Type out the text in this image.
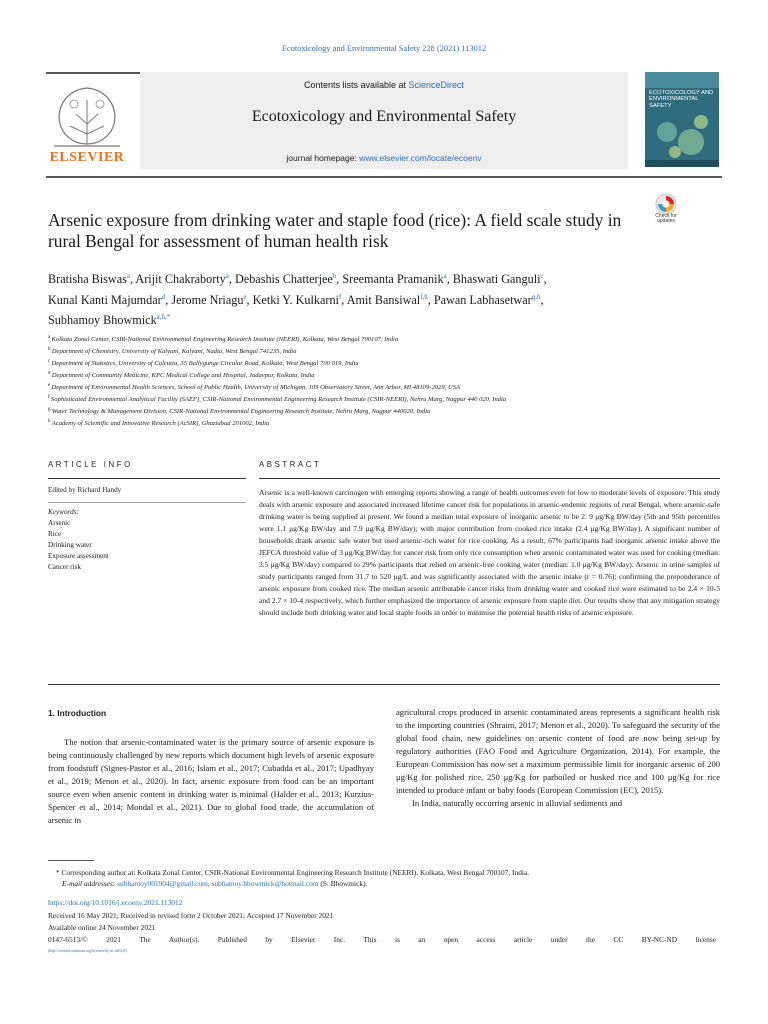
Ecotoxicology and Environmental Safety 228 (2021) 113012
ELSEVIER
Contents lists available at ScienceDirect
Ecotoxicology and Environmental Safety
journal homepage: www.elsevier.com/locate/ecoenv
ECOTOXICOLOGY AND ENVIRONMENTAL SAFETY
Check for updates
Arsenic exposure from drinking water and staple food (rice): A field scale study in rural Bengal for assessment of human health risk
Bratisha Biswas$^a$, Arijit Chakraborty$^a$, Debashis Chatterjee$^b$, Sreemanta Pramanik$^a$, Bhaswati Ganguli$^c$, Kunal Kanti Majumdar$^d$, Jerome Nriagu$^e$, Ketki Y. Kulkarni$^f$, Amit Bansiwal$^{f,h}$, Pawan Labhasetwar$^{g,h}$, Subhamoy Bhowmick$^{a,h,*}$
$^a$ Kolkata Zonal Center, CSIR-National Environmental Engineering Research Institute (NEERI), Kolkata, West Bengal 700107, India
$^b$ Department of Chemistry, University of Kalyani, Kalyani, Nadia, West Bengal 741235, India
$^c$ Department of Statistics, University of Calcutta, 35 Ballygunge Circular Road, Kolkata, West Bengal 700 019, India
$^d$ Department of Community Medicine, KPC Medical College and Hospital, Jadavpur, Kolkata, India
$^e$ Department of Environmental Health Sciences, School of Public Health, University of Michigan, 109 Observatory Street, Ann Arbor, MI 48109-2029, USA
$^f$ Sophisticated Environmental Analytical Facility (SAEF), CSIR-National Environmental Engineering Research Institute (CSIR-NEERI), Nehru Marg, Nagpur 440 020, India
$^g$ Water Technology & Management Division, CSIR-National Environmental Engineering Research Institute, Nehru Marg, Nagpur 440020, India
$^h$ Academy of Scientific and Innovative Research (AcSIR), Ghaziabad 201002, India
ARTICLE INFO	ABSTRACT
Edited by Richard Handy
Keywords:
Arsenic
Rice
Drinking water
Exposure assessment
Cancer risk
Arsenic is a well-known carcinogen with emerging reports showing a range of health outcomes even for low to moderate levels of exposure. This study deals with arsenic exposure and associated increased lifetime cancer risk for populations in arsenic-endemic regions of rural Bengal, where arsenic-safe drinking water is being supplied at present. We found a median total exposure of inorganic arsenic to be 2. 9 μg/Kg BW/day (5th and 95th percentiles were 1.1 μg/Kg BW/day and 7.9 μg/Kg BW/day); with major contribution from cooked rice intake (2.4 μg/Kg BW/day). A significant number of households drank arsenic safe water but used arsenic-rich water for rice cooking. As a result, 67% participants had inorganic arsenic intake above the JEFCA threshold value of 3 μg/Kg BW/day for cancer risk from only rice consumption when arsenic contaminated water was used for cooking (median: 3.5 μg/Kg BW/day) compared to 29% participants that relied on arsenic-free cooking water (median: 1.0 μg/Kg BW/day). Arsenic in urine samples of study participants ranged from 31.7 to 520 μg/L and was significantly associated with the arsenic intake (r = 0.76); confirming the preponderance of arsenic exposure from cooked rice. The median arsenic attributable cancer risks from drinking water and cooked rice were estimated to be 2.4 × 10-5 and 2.7 × 10-4 respectively, which further emphasized the importance of arsenic exposure from staple diet. Our results show that any mitigation strategy should include both drinking water and local staple foods in order to minimise the potential health risks of arsenic exposure.
1. Introduction
The notion that arsenic-contaminated water is the primary source of arsenic exposure is being continuously challenged by new reports which document high levels of arsenic exposure from foodstuff (Signes-Pastor et al., 2016; Islam et al., 2017; Cubadda et al., 2017; Upadhyay et al., 2019; Menon et al., 2020). In fact, arsenic exposure from food can be an important source even when arsenic content in drinking water is minimal (Halder et al., 2013; Kurzius-Spencer et al., 2014; Mondal et al., 2021). Due to global food trade, the accumulation of arsenic in

agricultural crops produced in arsenic contaminated areas represents a significant health risk to the importing countries (Shraim, 2017; Menon et al., 2020). To safeguard the security of the global food chain, new guidelines on arsenic content of food are now being set-up by regulatory authorities (FAO Food and Agriculture Organization, 2014). For example, the European Commission has now set a maximum permissible limit for inorganic arsenic of 200 μg/Kg for polished rice, 250 μg/Kg for parboiled or husked rice and 100 μg/Kg for rice intended to produce infant or baby foods (European Commission (EC), 2015).

In India, naturally occurring arsenic in alluvial sediments and

* Corresponding author at: Kolkata Zonal Center, CSIR-National Environmental Engineering Research Institute (NEERI), Kolkata, West Bengal 700107, India.
E-mail addresses: subhamoy001904@gmail.com, subhamoy.bhowmick@hotmail.com (S. Bhowmick).
https://doi.org/10.1016/j.ecoenv.2021.113012
Received 16 May 2021; Received in revised form 2 October 2021; Accepted 17 November 2021
Available online 24 November 2021
0147-6513/© 2021 The Author(s). Published by Elsevier Inc. This is an open access article under the CC BY-NC-ND license
(http://creativecommons.org/licenses/by-nc-nd/4.0/).
